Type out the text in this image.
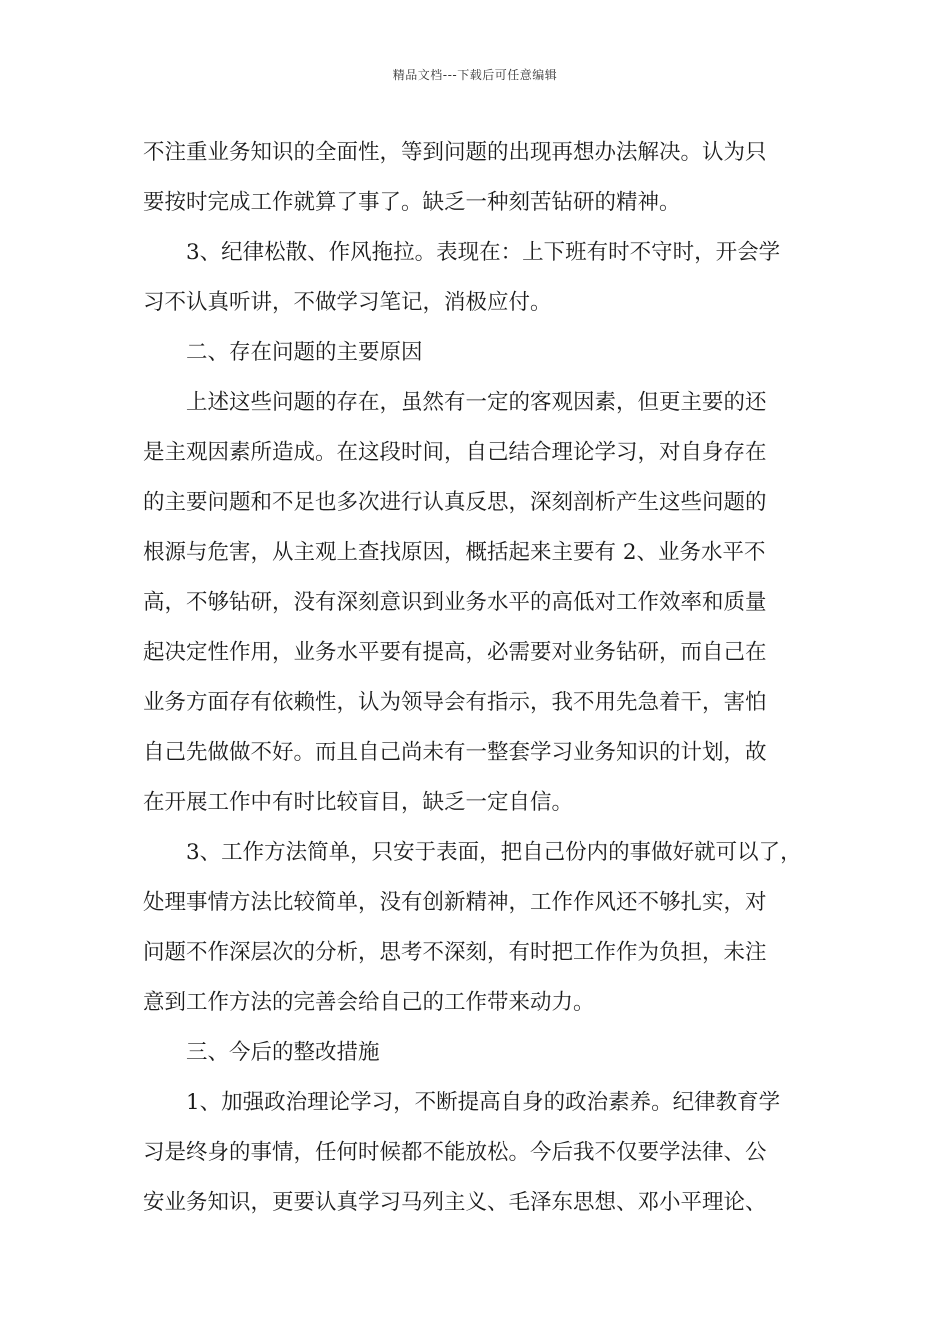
精品文档---下载后可任意编辑
不注重业务知识的全面性，等到问题的出现再想办法解决。认为只
要按时完成工作就算了事了。缺乏一种刻苦钻研的精神。
3、纪律松散、作风拖拉。表现在：上下班有时不守时，开会学
习不认真听讲，不做学习笔记，消极应付。
二、存在问题的主要原因
上述这些问题的存在，虽然有一定的客观因素，但更主要的还
是主观因素所造成。在这段时间，自己结合理论学习，对自身存在
的主要问题和不足也多次进行认真反思，深刻剖析产生这些问题的
根源与危害，从主观上查找原因，概括起来主要有 2、业务水平不
高，不够钻研，没有深刻意识到业务水平的高低对工作效率和质量
起决定性作用，业务水平要有提高，必需要对业务钻研，而自己在
业务方面存有依赖性，认为领导会有指示，我不用先急着干，害怕
自己先做做不好。而且自己尚未有一整套学习业务知识的计划，故
在开展工作中有时比较盲目，缺乏一定自信。
3、工作方法简单，只安于表面，把自己份内的事做好就可以了，
处理事情方法比较简单，没有创新精神，工作作风还不够扎实，对
问题不作深层次的分析，思考不深刻，有时把工作作为负担，未注
意到工作方法的完善会给自己的工作带来动力。
三、今后的整改措施
1、加强政治理论学习，不断提高自身的政治素养。纪律教育学
习是终身的事情，任何时候都不能放松。今后我不仅要学法律、公
安业务知识，更要认真学习马列主义、毛泽东思想、邓小平理论、
